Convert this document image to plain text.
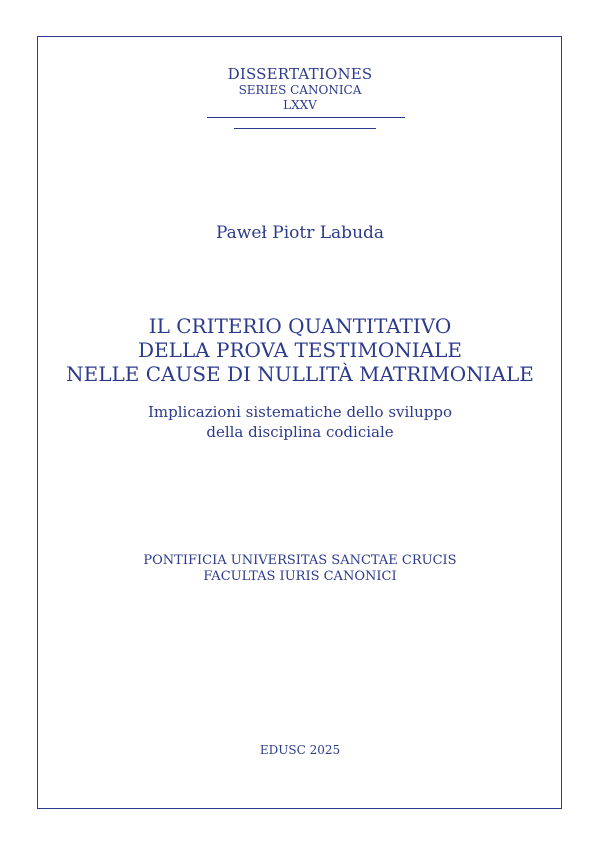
DISSERTATIONES
SERIES CANONICA
LXXV
Paweł Piotr Labuda
IL CRITERIO QUANTITATIVO
DELLA PROVA TESTIMONIALE
NELLE CAUSE DI NULLITÀ MATRIMONIALE
Implicazioni sistematiche dello sviluppo
della disciplina codiciale
PONTIFICIA UNIVERSITAS SANCTAE CRUCIS
FACULTAS IURIS CANONICI
EDUSC 2025
